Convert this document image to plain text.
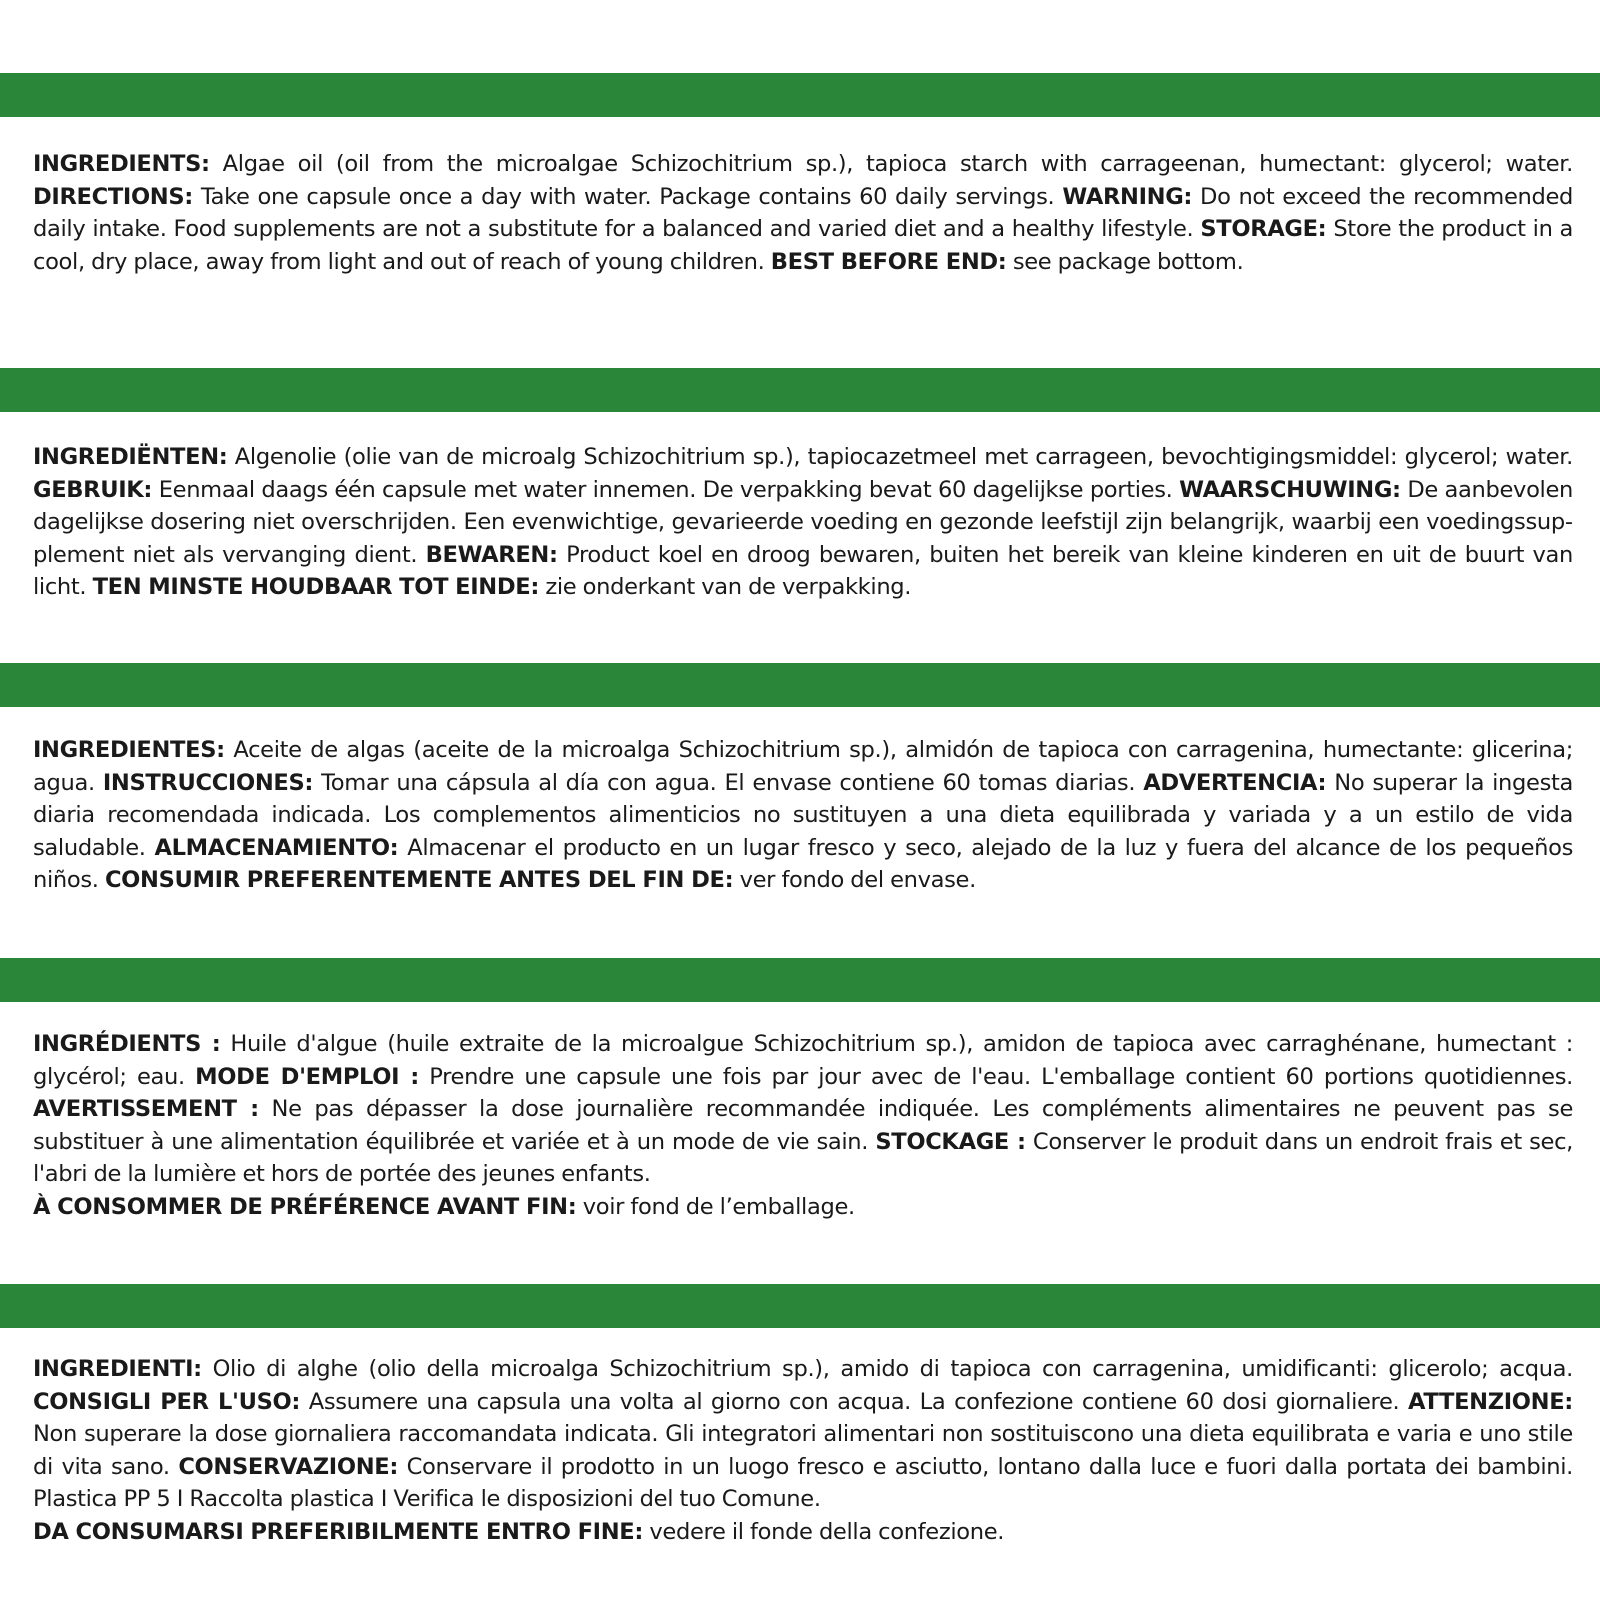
INGREDIENTS: Algae oil (oil from the microalgae Schizochitrium sp.), tapioca starch with carrageenan, humectant: glycerol; water. DIRECTIONS: Take one capsule once a day with water. Package contains 60 daily servings. WARNING: Do not exceed the recommended daily intake. Food supplements are not a substitute for a balanced and varied diet and a healthy lifestyle. STORAGE: Store the product in a cool, dry place, away from light and out of reach of young children. BEST BEFORE END: see package bottom.
INGREDIËNTEN: Algenolie (olie van de microalg Schizochitrium sp.), tapiocazetmeel met carrageen, bevochtigingsmiddel: glycerol; water. GEBRUIK: Eenmaal daags één capsule met water innemen. De verpakking bevat 60 dagelijkse porties. WAARSCHUWING: De aanbevolen dagelijkse dosering niet overschrijden. Een evenwichtige, gevarieerde voeding en gezonde leefstijl zijn belangrijk, waarbij een voedingssupplement niet als vervanging dient. BEWAREN: Product koel en droog bewaren, buiten het bereik van kleine kinderen en uit de buurt van licht. TEN MINSTE HOUDBAAR TOT EINDE: zie onderkant van de verpakking.
INGREDIENTES: Aceite de algas (aceite de la microalga Schizochitrium sp.), almidón de tapioca con carragenina, humectante: glicerina; agua. INSTRUCCIONES: Tomar una cápsula al día con agua. El envase contiene 60 tomas diarias. ADVERTENCIA: No superar la ingesta diaria recomendada indicada. Los complementos alimenticios no sustituyen a una dieta equilibrada y variada y a un estilo de vida saludable. ALMACENAMIENTO: Almacenar el producto en un lugar fresco y seco, alejado de la luz y fuera del alcance de los pequeños niños. CONSUMIR PREFERENTEMENTE ANTES DEL FIN DE: ver fondo del envase.
INGRÉDIENTS : Huile d'algue (huile extraite de la microalgue Schizochitrium sp.), amidon de tapioca avec carraghénane, humectant : glycérol; eau. MODE D'EMPLOI : Prendre une capsule une fois par jour avec de l'eau. L'emballage contient 60 portions quotidiennes. AVERTISSEMENT : Ne pas dépasser la dose journalière recommandée indiquée. Les compléments alimentaires ne peuvent pas se substituer à une alimentation équilibrée et variée et à un mode de vie sain. STOCKAGE : Conserver le produit dans un endroit frais et sec, l'abri de la lumière et hors de portée des jeunes enfants.
À CONSOMMER DE PRÉFÉRENCE AVANT FIN: voir fond de l’emballage.
INGREDIENTI: Olio di alghe (olio della microalga Schizochitrium sp.), amido di tapioca con carragenina, umidificanti: glicerolo; acqua. CONSIGLI PER L'USO: Assumere una capsula una volta al giorno con acqua. La confezione contiene 60 dosi giornaliere. ATTENZIONE: Non superare la dose giornaliera raccomandata indicata. Gli integratori alimentari non sostituiscono una dieta equilibrata e varia e uno stile di vita sano. CONSERVAZIONE: Conservare il prodotto in un luogo fresco e asciutto, lontano dalla luce e fuori dalla portata dei bambini. Plastica PP 5 I Raccolta plastica I Verifica le disposizioni del tuo Comune.
DA CONSUMARSI PREFERIBILMENTE ENTRO FINE: vedere il fonde della confezione.
